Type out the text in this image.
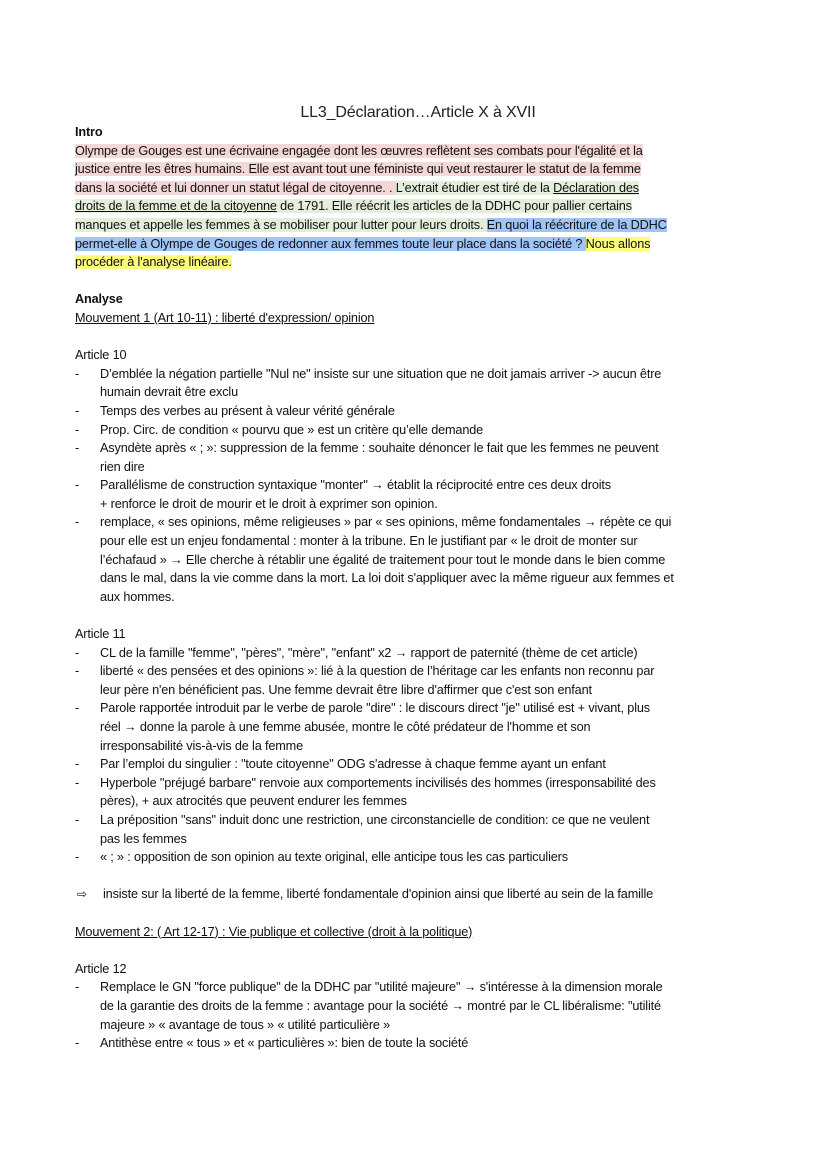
LL3_Déclaration…Article X à XVII
Intro
Olympe de Gouges est une écrivaine engagée dont les œuvres reflètent ses combats pour l'égalité et la
justice entre les êtres humains. Elle est avant tout une féministe qui veut restaurer le statut de la femme
dans la société et lui donner un statut légal de citoyenne. . L’extrait étudier est tiré de la Déclaration des
droits de la femme et de la citoyenne de 1791. Elle réécrit les articles de la DDHC pour pallier certains
manques et appelle les femmes à se mobiliser pour lutter pour leurs droits. En quoi la réécriture de la DDHC
permet-elle à Olympe de Gouges de redonner aux femmes toute leur place dans la société ? Nous allons
procéder à l'analyse linéaire.
Analyse
Mouvement 1 (Art 10-11) : liberté d'expression/ opinion
Article 10
- D’emblée la négation partielle "Nul ne" insiste sur une situation que ne doit jamais arriver -> aucun être
humain devrait être exclu
- Temps des verbes au présent à valeur vérité générale
- Prop. Circ. de condition « pourvu que » est un critère qu’elle demande
- Asyndète après « ; »: suppression de la femme : souhaite dénoncer le fait que les femmes ne peuvent
rien dire
- Parallélisme de construction syntaxique "monter" → établit la réciprocité entre ces deux droits
+ renforce le droit de mourir et le droit à exprimer son opinion.
- remplace, « ses opinions, même religieuses » par « ses opinions, même fondamentales → répète ce qui
pour elle est un enjeu fondamental : monter à la tribune. En le justifiant par « le droit de monter sur
l’échafaud » → Elle cherche à rétablir une égalité de traitement pour tout le monde dans le bien comme
dans le mal, dans la vie comme dans la mort. La loi doit s'appliquer avec la même rigueur aux femmes et
aux hommes.
Article 11
- CL de la famille "femme", "pères", "mère", "enfant" x2 → rapport de paternité (thème de cet article)
- liberté « des pensées et des opinions »: lié à la question de l’héritage car les enfants non reconnu par
leur père n'en bénéficient pas. Une femme devrait être libre d'affirmer que c'est son enfant
- Parole rapportée introduit par le verbe de parole "dire" : le discours direct "je" utilisé est + vivant, plus
réel → donne la parole à une femme abusée, montre le côté prédateur de l'homme et son
irresponsabilité vis-à-vis de la femme
- Par l’emploi du singulier : "toute citoyenne" ODG s'adresse à chaque femme ayant un enfant
- Hyperbole "préjugé barbare" renvoie aux comportements incivilisés des hommes (irresponsabilité des
pères), + aux atrocités que peuvent endurer les femmes
- La préposition "sans" induit donc une restriction, une circonstancielle de condition: ce que ne veulent
pas les femmes
- « ; » : opposition de son opinion au texte original, elle anticipe tous les cas particuliers
⇨ insiste sur la liberté de la femme, liberté fondamentale d'opinion ainsi que liberté au sein de la famille
Mouvement 2: ( Art 12-17) : Vie publique et collective (droit à la politique)
Article 12
- Remplace le GN "force publique" de la DDHC par "utilité majeure" → s'intéresse à la dimension morale
de la garantie des droits de la femme : avantage pour la société → montré par le CL libéralisme: "utilité
majeure » « avantage de tous » « utilité particulière »
- Antithèse entre « tous » et « particulières »: bien de toute la société
